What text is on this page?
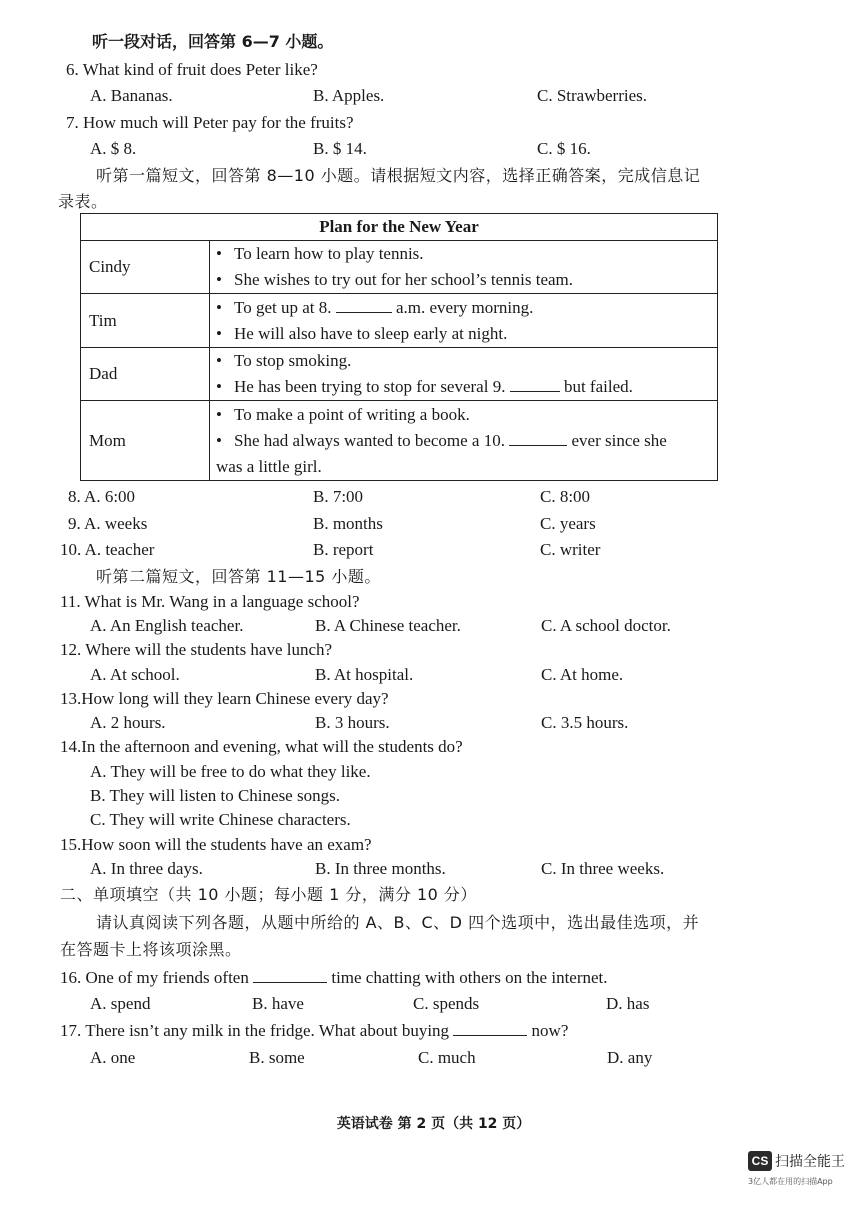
听一段对话，回答第 6—7 小题。
6. What kind of fruit does Peter like?
A. Bananas.	B. Apples.	C. Strawberries.
7. How much will Peter pay for the fruits?
A. $ 8.	B. $ 14.	C. $ 16.
听第一篇短文，回答第 8—10 小题。请根据短文内容，选择正确答案，完成信息记
录表。
Plan for the New Year	
Cindy	• To learn how to play tennis.
• She wishes to try out for her school’s tennis team.

Tim	• To get up at 8. a.m. every morning.
• He will also have to sleep early at night.

Dad	• To stop smoking.
• He has been trying to stop for several 9. but failed.

Mom	• To make a point of writing a book.
• She had always wanted to become a 10. ever since she
was a little girl.
8. A. 6:00	B. 7:00	C. 8:00
9. A. weeks	B. months	C. years
10. A. teacher	B. report	C. writer
听第二篇短文，回答第 11—15 小题。
11. What is Mr. Wang in a language school?
A. An English teacher.	B. A Chinese teacher.	C. A school doctor.
12. Where will the students have lunch?
A. At school.	B. At hospital.	C. At home.
13.How long will they learn Chinese every day?
A. 2 hours.	B. 3 hours.	C. 3.5 hours.
14.In the afternoon and evening, what will the students do?
A. They will be free to do what they like.
B. They will listen to Chinese songs.
C. They will write Chinese characters.
15.How soon will the students have an exam?
A. In three days.	B. In three months.	C. In three weeks.
二、单项填空（共 10 小题；每小题 1 分，满分 10 分）
请认真阅读下列各题，从题中所给的 A、B、C、D 四个选项中，选出最佳选项，并
在答题卡上将该项涂黑。
16. One of my friends often	time chatting with others on the internet.
A. spend	B. have	C. spends	D. has
17. There isn’t any milk in the fridge. What about buying	now?
A. one	B. some	C. much	D. any
英语试卷 第 2 页（共 12 页）
CS 扫描全能王
3亿人都在用的扫描App
